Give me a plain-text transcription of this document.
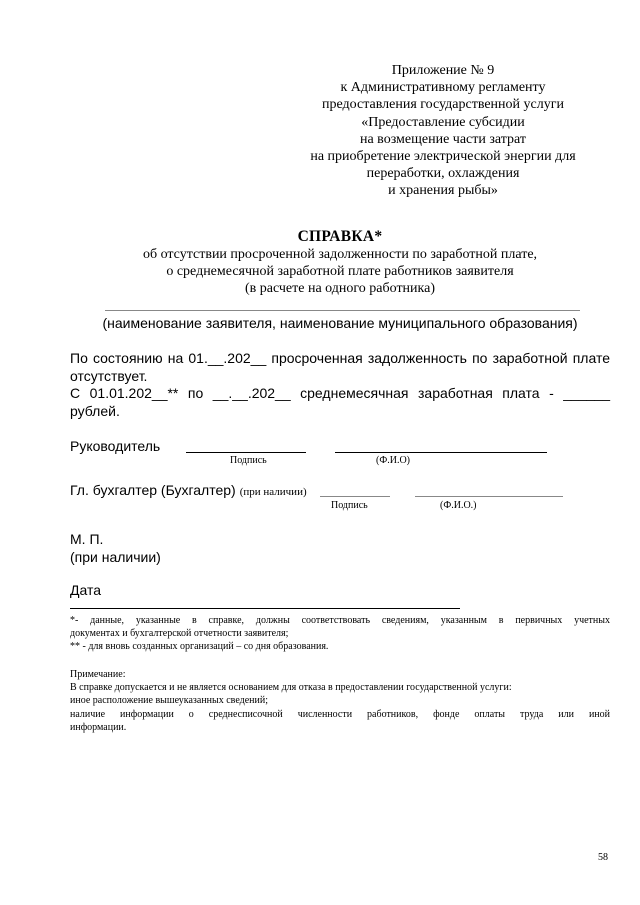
Приложение № 9
к Административному регламенту
предоставления государственной услуги
«Предоставление субсидии
на возмещение части затрат
на приобретение электрической энергии для
переработки, охлаждения
и хранения рыбы»
СПРАВКА*
об отсутствии просроченной задолженности по заработной плате,
о среднемесячной заработной плате работников заявителя
(в расчете на одного работника)
(наименование заявителя, наименование муниципального образования)
По состоянию на 01.__.202__ просроченная задолженность по заработной плате
отсутствует.
С 01.01.202__** по __.__.202__ среднемесячная заработная плата - ______
рублей.
Руководитель
Подпись	(Ф.И.О)
Гл. бухгалтер (Бухгалтер) (при наличии)
Подпись	(Ф.И.О.)
М. П.
(при наличии)
Дата
*- данные, указанные в справке, должны соответствовать сведениям, указанным в первичных учетных
документах и бухгалтерской отчетности заявителя;
** - для вновь созданных организаций – со дня образования.
Примечание:
В справке допускается и не является основанием для отказа в предоставлении государственной услуги:
иное расположение вышеуказанных сведений;
наличие информации о среднесписочной численности работников, фонде оплаты труда или иной
информации.
58
